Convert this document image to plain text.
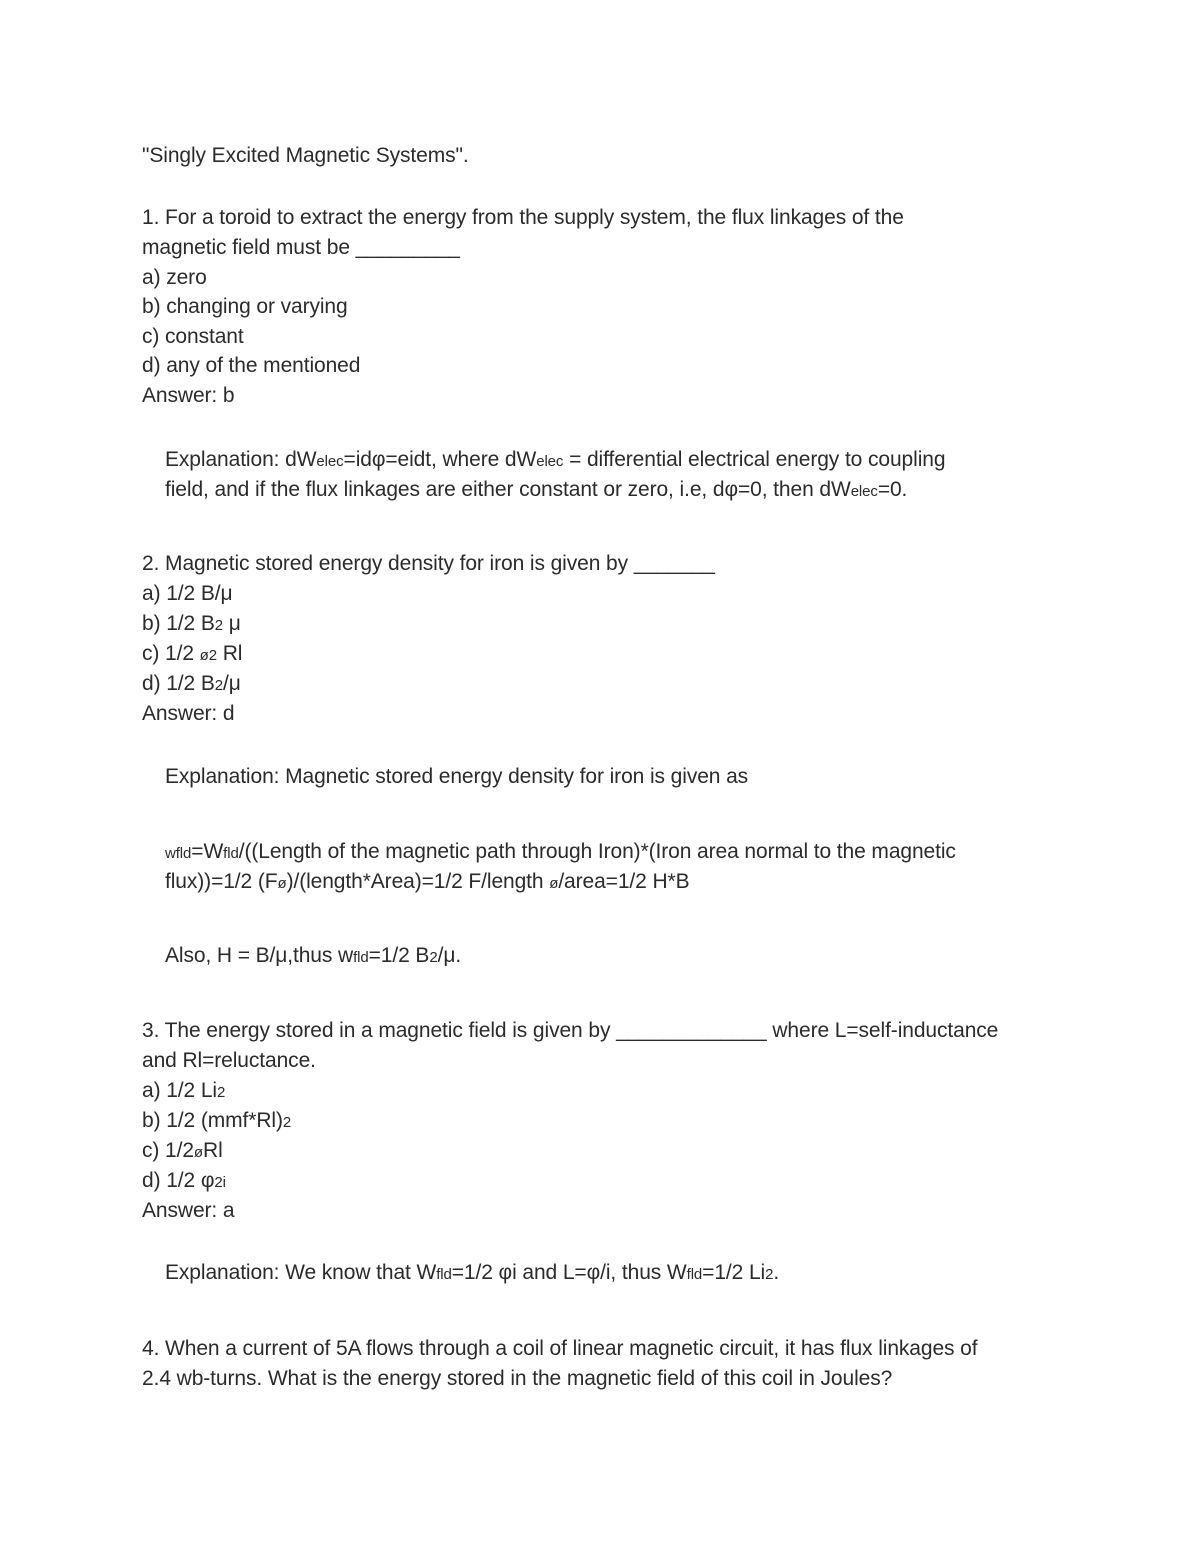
"Singly Excited Magnetic Systems".
1. For a toroid to extract the energy from the supply system, the flux linkages of the
magnetic field must be _________
a) zero
b) changing or varying
c) constant
d) any of the mentioned
Answer: b
Explanation: dWelec=idφ=eidt, where dWelec = differential electrical energy to coupling
field, and if the flux linkages are either constant or zero, i.e, dφ=0, then dWelec=0.
2. Magnetic stored energy density for iron is given by _______
a) 1/2 B/μ
b) 1/2 B2 μ
c) 1/2 ø2 Rl
d) 1/2 B2/μ
Answer: d
Explanation: Magnetic stored energy density for iron is given as
wfld=Wfld/((Length of the magnetic path through Iron)*(Iron area normal to the magnetic
flux))=1/2 (Fø)/(length*Area)=1/2 F/length ø/area=1/2 H*B
Also, H = B/μ,thus wfld=1/2 B2/μ.
3. The energy stored in a magnetic field is given by _____________ where L=self-inductance
and Rl=reluctance.
a) 1/2 Li2
b) 1/2 (mmf*Rl)2
c) 1/2øRl
d) 1/2 φ2i
Answer: a
Explanation: We know that Wfld=1/2 φi and L=φ/i, thus Wfld=1/2 Li2.
4. When a current of 5A flows through a coil of linear magnetic circuit, it has flux linkages of
2.4 wb-turns. What is the energy stored in the magnetic field of this coil in Joules?
